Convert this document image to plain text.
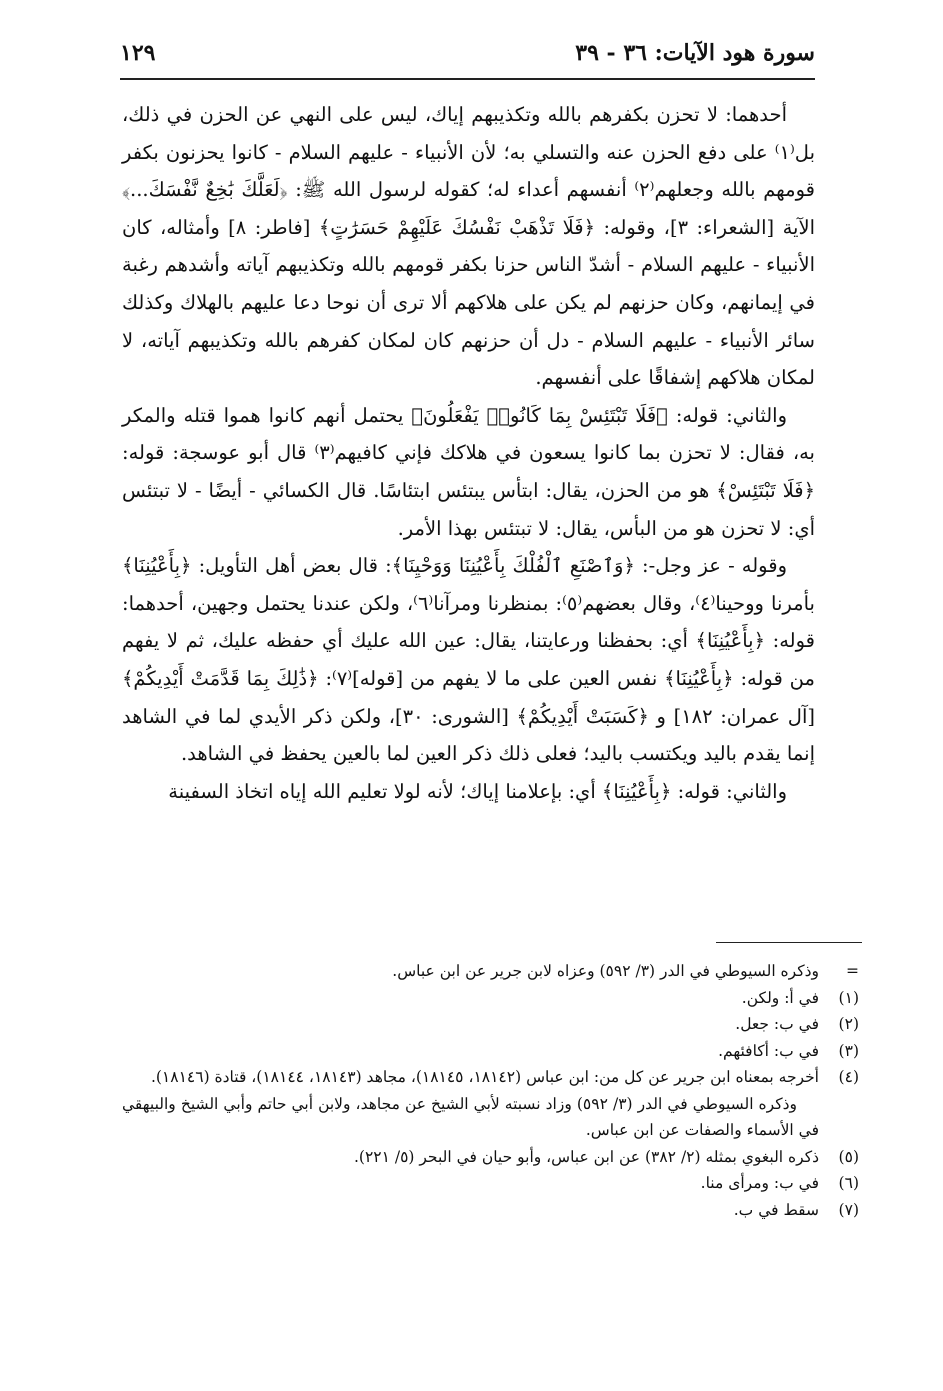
سورة هود الآيات: ٣٦ - ٣٩
١٢٩

أحدهما: لا تحزن بكفرهم بالله وتكذيبهم إياك، ليس على النهي عن الحزن في ذلك، بل⁽١⁾ على دفع الحزن عنه والتسلي به؛ لأن الأنبياء - عليهم السلام - كانوا يحزنون بكفر قومهم بالله وجعلهم⁽٢⁾ أنفسهم أعداء له؛ كقوله لرسول الله ﷺ: ﴿لَعَلَّكَ بَٰخِعٌ نَّفْسَكَ...﴾ الآية [الشعراء: ٣]، وقوله: ﴿فَلَا تَذْهَبْ نَفْسُكَ عَلَيْهِمْ حَسَرَٰتٍ﴾ [فاطر: ٨] وأمثاله، كان الأنبياء - عليهم السلام - أشدّ الناس حزنا بكفر قومهم بالله وتكذيبهم آياته وأشدهم رغبة في إيمانهم، وكان حزنهم لم يكن على هلاكهم ألا ترى أن نوحا دعا عليهم بالهلاك وكذلك سائر الأنبياء - عليهم السلام - دل أن حزنهم كان لمكان كفرهم بالله وتكذيبهم آياته، لا لمكان هلاكهم إشفاقًا على أنفسهم.

والثاني: قوله: ﴿فَلَا تَبْتَئِسْ بِمَا كَانُوا۟ يَفْعَلُونَ﴾ يحتمل أنهم كانوا هموا قتله والمكر به، فقال: لا تحزن بما كانوا يسعون في هلاكك فإني كافيهم⁽٣⁾ قال أبو عوسجة: قوله: ﴿فَلَا تَبْتَئِسْ﴾ هو من الحزن، يقال: ابتأس يبتئس ابتئاسًا. قال الكسائي - أيضًا - لا تبتئس أي: لا تحزن هو من البأس، يقال: لا تبتئس بهذا الأمر.

وقوله - عز وجل-: ﴿وَٱصْنَعِ ٱلْفُلْكَ بِأَعْيُنِنَا وَوَحْيِنَا﴾: قال بعض أهل التأويل: ﴿بِأَعْيُنِنَا﴾ بأمرنا ووحينا⁽٤⁾، وقال بعضهم⁽٥⁾: بمنظرنا ومرآنا⁽٦⁾، ولكن عندنا يحتمل وجهين، أحدهما: قوله: ﴿بِأَعْيُنِنَا﴾ أي: بحفظنا ورعايتنا، يقال: عين الله عليك أي حفظه عليك، ثم لا يفهم من قوله: ﴿بِأَعْيُنِنَا﴾ نفس العين على ما لا يفهم من [قوله]⁽٧⁾: ﴿ذَٰلِكَ بِمَا قَدَّمَتْ أَيْدِيكُمْ﴾ [آل عمران: ١٨٢] و ﴿كَسَبَتْ أَيْدِيكُمْ﴾ [الشورى: ٣٠]، ولكن ذكر الأيدي لما في الشاهد إنما يقدم باليد ويكتسب باليد؛ فعلى ذلك ذكر العين لما بالعين يحفظ في الشاهد.

والثاني: قوله: ﴿بِأَعْيُنِنَا﴾ أي: بإعلامنا إياك؛ لأنه لولا تعليم الله إياه اتخاذ السفينة

=
وذكره السيوطي في الدر (٣/ ٥٩٢) وعزاه لابن جرير عن ابن عباس.
(١)
في أ: ولكن.
(٢)
في ب: جعل.
(٣)
في ب: أكافئهم.
(٤)
أخرجه بمعناه ابن جرير عن كل من: ابن عباس (١٨١٤٢، ١٨١٤٥)، مجاهد (١٨١٤٣، ١٨١٤٤)، قتادة (١٨١٤٦).
وذكره السيوطي في الدر (٣/ ٥٩٢) وزاد نسبته لأبي الشيخ عن مجاهد، ولابن أبي حاتم وأبي الشيخ والبيهقي في الأسماء والصفات عن ابن عباس.
(٥)
ذكره البغوي بمثله (٢/ ٣٨٢) عن ابن عباس، وأبو حيان في البحر (٥/ ٢٢١).
(٦)
في ب: ومرأى منا.
(٧)
سقط في ب.
